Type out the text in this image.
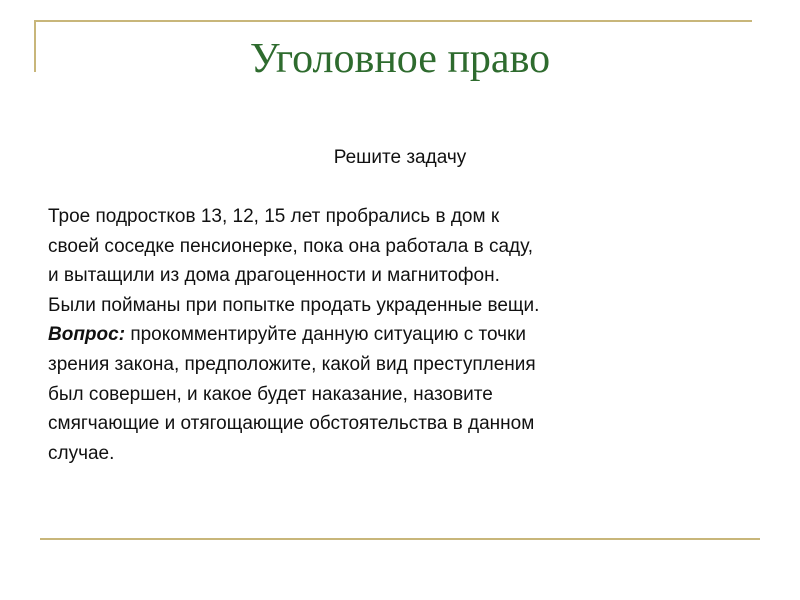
Уголовное право
Решите задачу
Трое подростков 13, 12, 15 лет пробрались в дом к
своей соседке пенсионерке, пока она работала в саду,
и вытащили из дома драгоценности и магнитофон.
Были пойманы при попытке продать украденные вещи.
Вопрос: прокомментируйте данную ситуацию с точки
зрения закона, предположите, какой вид преступления
был совершен, и какое будет наказание, назовите
смягчающие и отягощающие обстоятельства в данном
случае.
